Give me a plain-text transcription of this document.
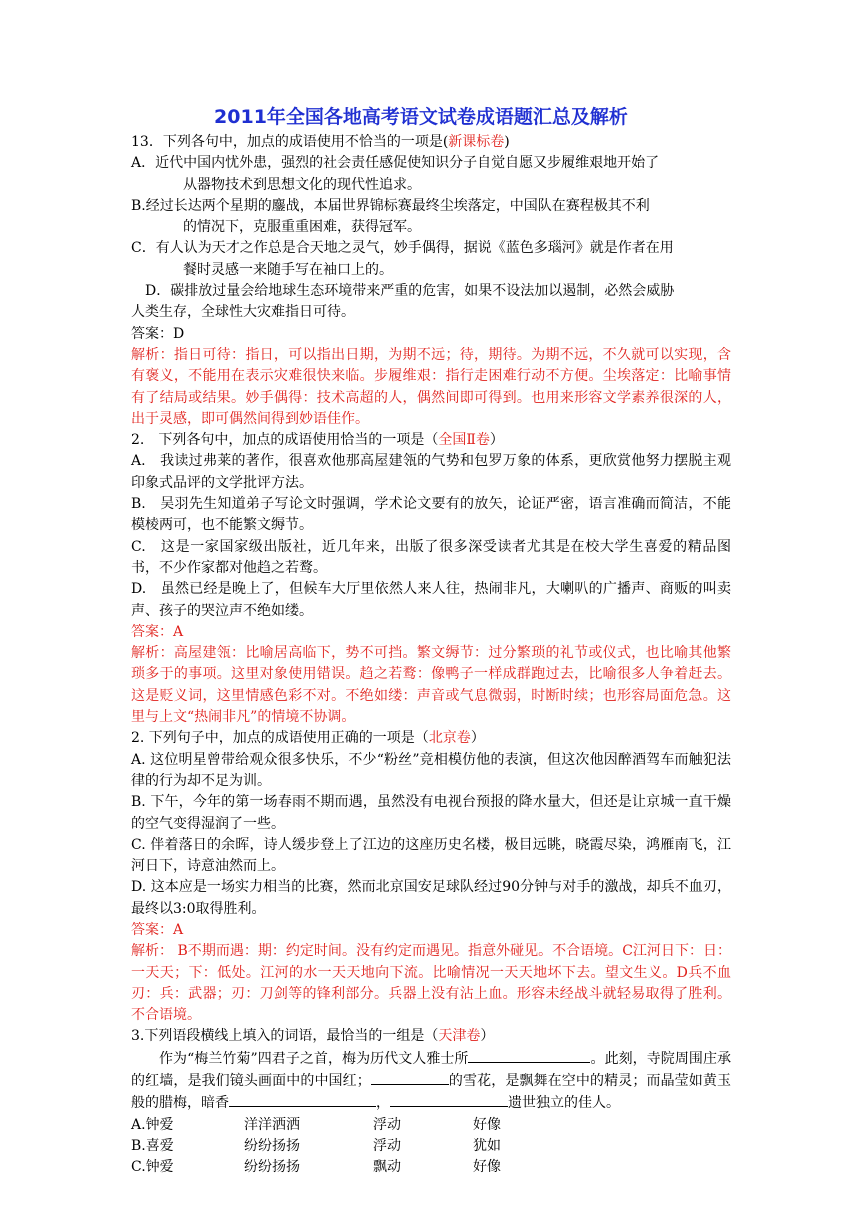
2011年全国各地高考语文试卷成语题汇总及解析
13．下列各句中，加点的成语使用不恰当的一项是(新课标卷)
A．近代中国内忧外患，强烈的社会责任感促使知识分子自觉自愿又步履维艰地开始了
从器物技术到思想文化的现代性追求。
B.经过长达两个星期的鏖战，本届世界锦标赛最终尘埃落定，中国队在赛程极其不利
的情况下，克服重重困难，获得冠军。
C．有人认为天才之作总是合天地之灵气，妙手偶得，据说《蓝色多瑙河》就是作者在用
餐时灵感一来随手写在袖口上的。
D．碳排放过量会给地球生态环境带来严重的危害，如果不设法加以遏制，必然会威胁
人类生存，全球性大灾难指日可待。
答案：D
解析：指日可待：指日，可以指出日期，为期不远；待，期待。为期不远，不久就可以实现，含有褒义，不能用在表示灾难很快来临。步履维艰：指行走困难行动不方便。尘埃落定：比喻事情有了结局或结果。妙手偶得：技术高超的人，偶然间即可得到。也用来形容文学素养很深的人，出于灵感，即可偶然间得到妙语佳作。
2.　下列各句中，加点的成语使用恰当的一项是（全国Ⅱ卷）
A.　我读过弗莱的著作，很喜欢他那高屋建瓴的气势和包罗万象的体系，更欣赏他努力摆脱主观印象式品评的文学批评方法。
B.　吴羽先生知道弟子写论文时强调，学术论文要有的放矢，论证严密，语言准确而简洁，不能模棱两可，也不能繁文缛节。
C.　这是一家国家级出版社，近几年来，出版了很多深受读者尤其是在校大学生喜爱的精品图书，不少作家都对他趋之若鹜。
D.　虽然已经是晚上了，但候车大厅里依然人来人往，热闹非凡，大喇叭的广播声、商贩的叫卖声、孩子的哭泣声不绝如缕。
答案：A
解析：高屋建瓴：比喻居高临下，势不可挡。繁文缛节：过分繁琐的礼节或仪式，也比喻其他繁琐多于的事项。这里对象使用错误。趋之若鹜：像鸭子一样成群跑过去，比喻很多人争着赶去。这是贬义词，这里情感色彩不对。不绝如缕：声音或气息微弱，时断时续；也形容局面危急。这里与上文“热闹非凡”的情境不协调。
2. 下列句子中，加点的成语使用正确的一项是（北京卷）
A. 这位明星曾带给观众很多快乐，不少“粉丝”竞相模仿他的表演，但这次他因醉酒驾车而触犯法律的行为却不足为训。
B. 下午，今年的第一场春雨不期而遇，虽然没有电视台预报的降水量大，但还是让京城一直干燥的空气变得湿润了一些。
C. 伴着落日的余晖，诗人缓步登上了江边的这座历史名楼，极目远眺，晓霞尽染，鸿雁南飞，江河日下，诗意油然而上。
D. 这本应是一场实力相当的比赛，然而北京国安足球队经过90分钟与对手的激战，却兵不血刃，最终以3:0取得胜利。
答案：A
解析： B不期而遇：期：约定时间。没有约定而遇见。指意外碰见。不合语境。C江河日下：日：一天天；下：低处。江河的水一天天地向下流。比喻情况一天天地坏下去。望文生义。D兵不血刃：兵：武器；刃：刀剑等的锋利部分。兵器上没有沾上血。形容未经战斗就轻易取得了胜利。不合语境。
3.下列语段横线上填入的词语，最恰当的一组是（天津卷）
作为“梅兰竹菊”四君子之首，梅为历代文人雅士所	。此刻，寺院周围庄承的红墙，是我们镜头画面中的中国红；	的雪花，是飘舞在空中的精灵；而晶莹如黄玉般的腊梅，暗香	，	遗世独立的佳人。
A.钟爱	洋洋洒洒	浮动	好像
B.喜爱	纷纷扬扬	浮动	犹如
C.钟爱	纷纷扬扬	飘动	好像
